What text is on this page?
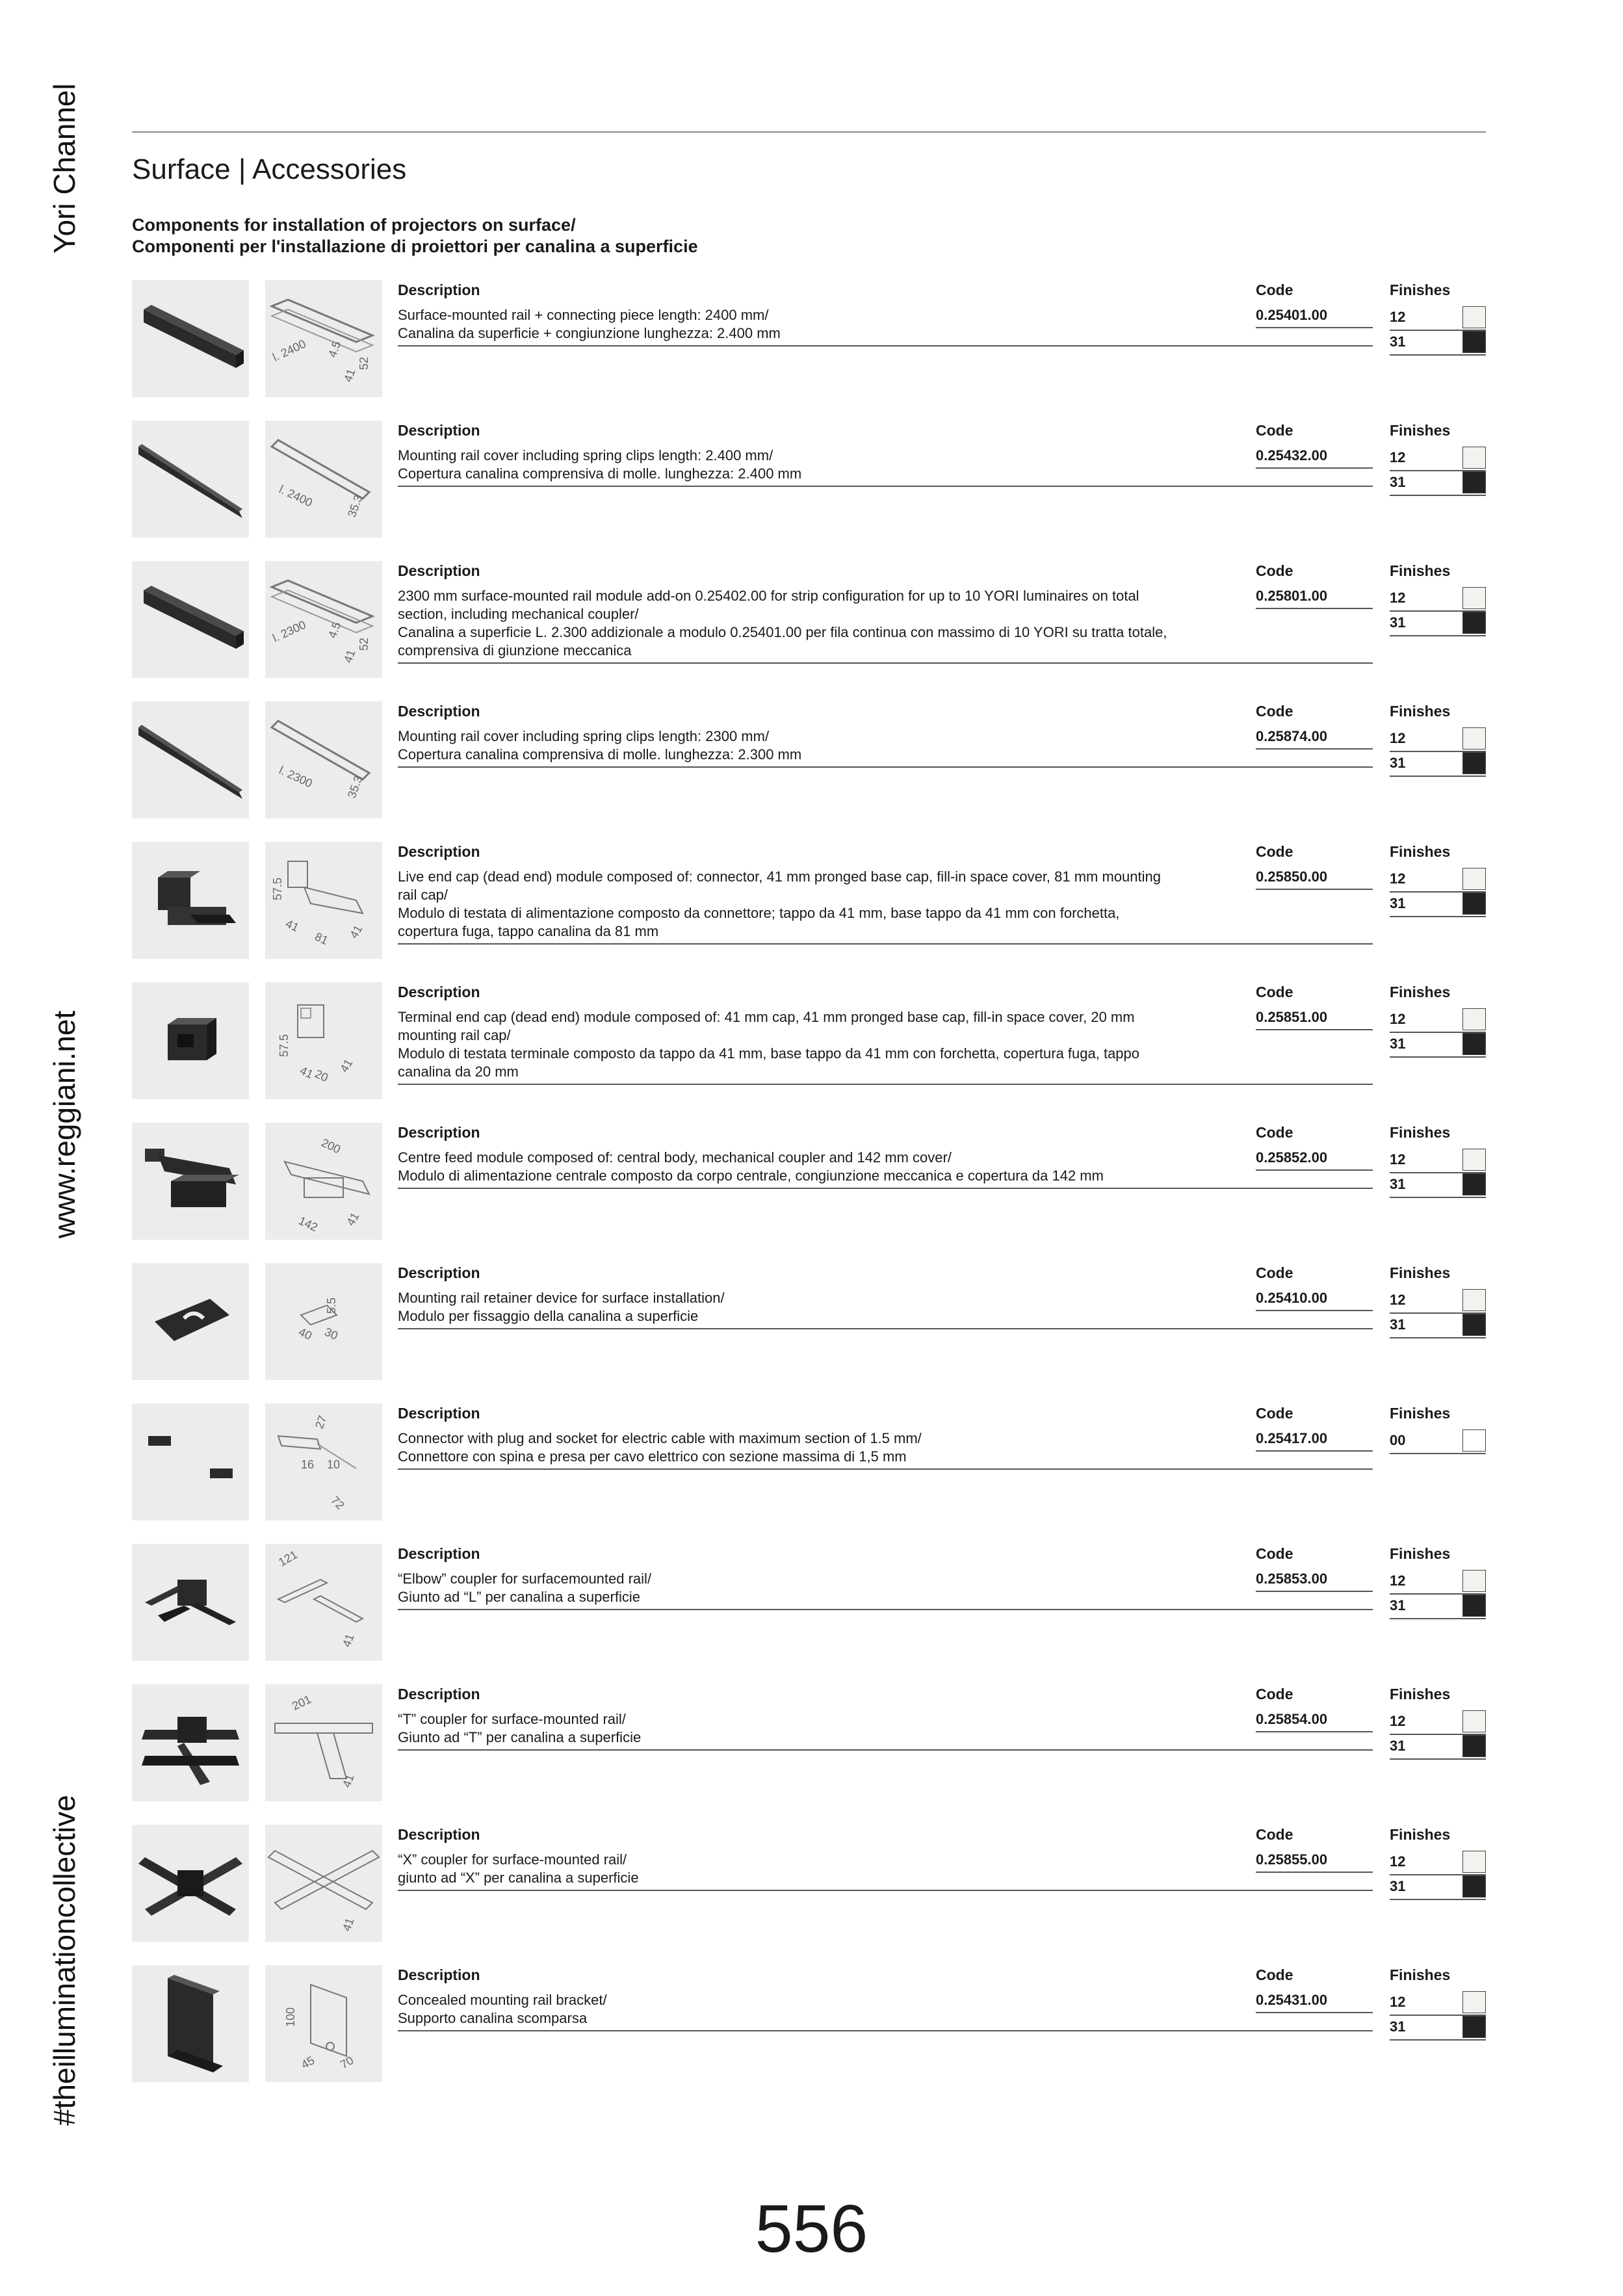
Yori Channel
www.reggiani.net
#theilluminationcollective
Surface | Accessories
Components for installation of projectors on surface/
Componenti per l'installazione di proiettori per canalina a superficie
l. 2400 4.5
41
52
Description
Surface-mounted rail + connecting piece length: 2400 mm/
Canalina da superficie + congiunzione lunghezza: 2.400 mm
Code
0.25401.00
Finishes
12
31
l. 2400	35.3
Description
Mounting rail cover including spring clips length: 2.400 mm/
Copertura canalina comprensiva di molle. lunghezza: 2.400 mm
Code
0.25432.00
Finishes
12
31
l. 2300 4.5
41
52
Description
2300 mm surface-mounted rail module add-on 0.25402.00 for strip configuration for up to 10 YORI luminaires on total
section, including mechanical coupler/
Canalina a superficie L. 2.300 addizionale a modulo 0.25401.00 per fila continua con massimo di 10 YORI su tratta totale,
comprensiva di giunzione meccanica
Code
0.25801.00
Finishes
12
31
l. 2300	35.3
Description
Mounting rail cover including spring clips length: 2300 mm/
Copertura canalina comprensiva di molle. lunghezza: 2.300 mm
Code
0.25874.00
Finishes
12
31
57.5
41
81 41
Description
Live end cap (dead end) module composed of: connector, 41 mm pronged base cap, fill-in space cover, 81 mm mounting
rail cap/
Modulo di testata di alimentazione composto da connettore; tappo da 41 mm, base tappo da 41 mm con forchetta,
copertura fuga, tappo canalina da 81 mm
Code
0.25850.00
Finishes
12
31
57.5
41
20
41
Description
Terminal end cap (dead end) module composed of: 41 mm cap, 41 mm pronged base cap, fill-in space cover, 20 mm
mounting rail cap/
Modulo di testata terminale composto da tappo da 41 mm, base tappo da 41 mm con forchetta, copertura fuga, tappo
canalina da 20 mm
Code
0.25851.00
Finishes
12
31
200
142 41
Description
Centre feed module composed of: central body, mechanical coupler and 142 mm cover/
Modulo di alimentazione centrale composto da corpo centrale, congiunzione meccanica e copertura da 142 mm
Code
0.25852.00
Finishes
12
31
40 30
5.5
Description
Mounting rail retainer device for surface installation/
Modulo per fissaggio della canalina a superficie
Code
0.25410.00
Finishes
12
31
27
16 10
72
Description
Connector with plug and socket for electric cable with maximum section of 1.5 mm/
Connettore con spina e presa per cavo elettrico con sezione massima di 1,5 mm
Code
0.25417.00
Finishes
00
121
41
Description
“Elbow” coupler for surfacemounted rail/
Giunto ad “L” per canalina a superficie
Code
0.25853.00
Finishes
12
31
201
41
Description
“T” coupler for surface-mounted rail/
Giunto ad “T” per canalina a superficie
Code
0.25854.00
Finishes
12
31
41
Description
“X” coupler for surface-mounted rail/
giunto ad “X” per canalina a superficie
Code
0.25855.00
Finishes
12
31
100
45 70
Description
Concealed mounting rail bracket/
Supporto canalina scomparsa
Code
0.25431.00
Finishes
12
31
556
